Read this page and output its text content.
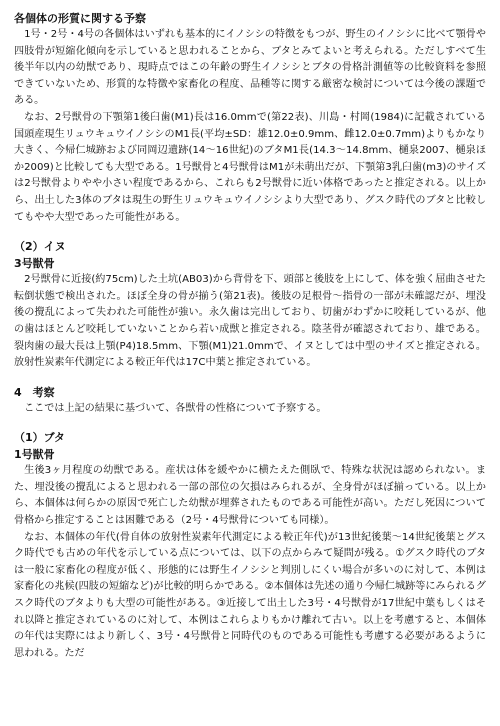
各個体の形質に関する予察

1号・2号・4号の各個体はいずれも基本的にイノシシの特徴をもつが、野生のイノシシに比べて顎骨や四肢骨が短縮化傾向を示していると思われることから、ブタとみてよいと考えられる。ただしすべて生後半年以内の幼獣であり、現時点ではこの年齢の野生イノシシとブタの骨格計測値等の比較資料を参照できていないため、形質的な特徴や家畜化の程度、品種等に関する厳密な検討については今後の課題である。

なお、2号獣骨の下顎第1後臼歯(M1)長は16.0mmで(第22表)、川島・村岡(1984)に記載されている国頭産現生リュウキュウイノシシのM1長(平均±SD：雄12.0±0.9mm、雌12.0±0.7mm)よりもかなり大きく、今帰仁城跡および同岡辺遺跡(14～16世紀)のブタM1長(14.3～14.8mm、樋泉2007、樋泉ほか2009)と比較しても大型である。1号獣骨と4号獣骨はM1が未萌出だが、下顎第3乳臼歯(m3)のサイズは2号獣骨よりやや小さい程度であるから、これらも2号獣骨に近い体格であったと推定される。以上から、出土した3体のブタは現生の野生リュウキュウイノシシより大型であり、グスク時代のブタと比較してもやや大型であった可能性がある。

（2）イヌ

3号獣骨

2号獣骨に近接(約75cm)した土坑(AB03)から背骨を下、頭部と後肢を上にして、体を強く屈曲させた転倒状態で検出された。ほぼ全身の骨が揃う(第21表)。後肢の足根骨～指骨の一部が未確認だが、埋没後の攪乱によって失われた可能性が強い。永久歯は完出しており、切歯がわずかに咬耗しているが、他の歯はほとんど咬耗していないことから若い成獣と推定される。陰茎骨が確認されており、雄である。裂肉歯の最大長は上顎(P4)18.5mm、下顎(M1)21.0mmで、イヌとしては中型のサイズと推定される。放射性炭素年代測定による較正年代は17C中葉と推定されている。

4　考察

ここでは上記の結果に基づいて、各獣骨の性格について予察する。

（1）ブタ

1号獣骨

生後3ヶ月程度の幼獣である。産状は体を緩やかに横たえた側臥で、特殊な状況は認められない。また、埋没後の攪乱によると思われる一部の部位の欠損はみられるが、全身骨がほぼ揃っている。以上から、本個体は何らかの原因で死亡した幼獣が埋葬されたものである可能性が高い。ただし死因について骨格から推定することは困難である（2号・4号獣骨についても同様）。

なお、本個体の年代(骨自体の放射性炭素年代測定による較正年代)が13世紀後葉～14世紀後葉とグスク時代でも古めの年代を示している点については、以下の点からみて疑問が残る。①グスク時代のブタは一般に家畜化の程度が低く、形態的には野生イノシシと判別しにくい場合が多いのに対して、本例は家畜化の兆候(四肢の短縮など)が比較的明らかである。②本個体は先述の通り今帰仁城跡等にみられるグスク時代のブタよりも大型の可能性がある。③近接して出土した3号・4号獣骨が17世紀中葉もしくはそれ以降と推定されているのに対して、本例はこれらよりもかけ離れて古い。以上を考慮すると、本個体の年代は実際にはより新しく、3号・4号獣骨と同時代のものである可能性も考慮する必要があるように思われる。ただ
